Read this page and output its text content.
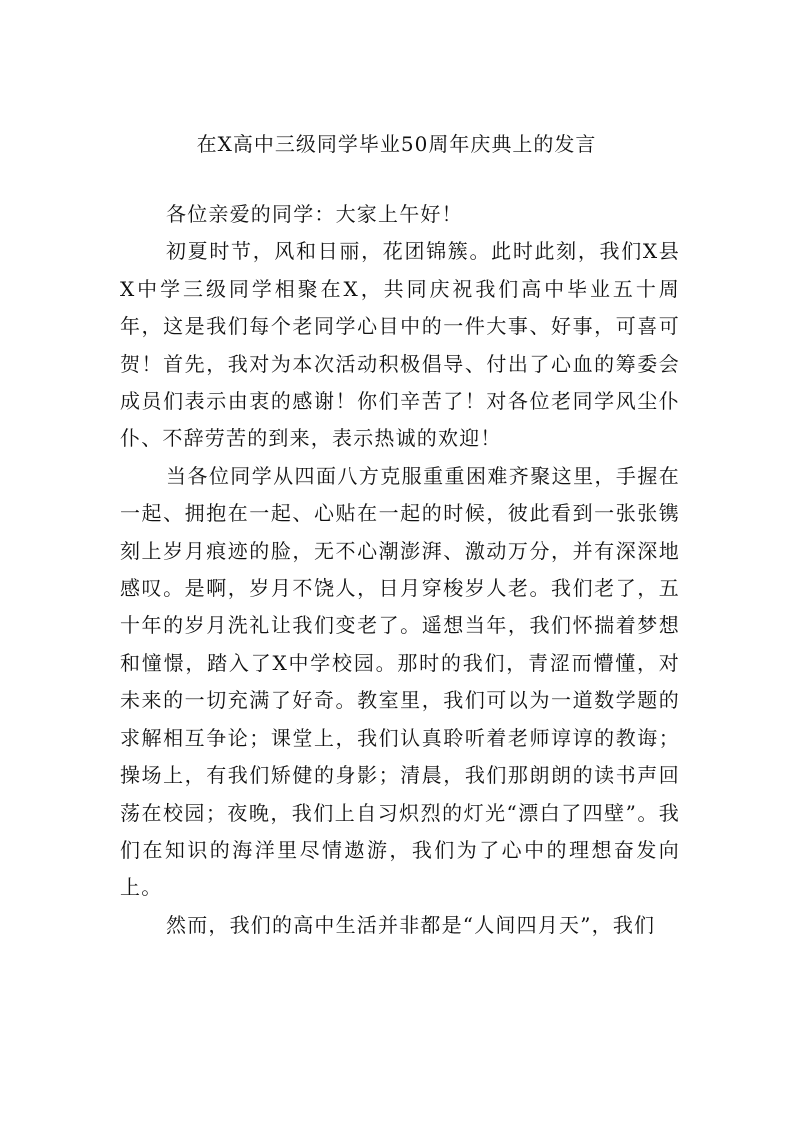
在X高中三级同学毕业50周年庆典上的发言

各位亲爱的同学：大家上午好！

初夏时节，风和日丽，花团锦簇。此时此刻，我们X县X中学三级同学相聚在X，共同庆祝我们高中毕业五十周年，这是我们每个老同学心目中的一件大事、好事，可喜可贺！首先，我对为本次活动积极倡导、付出了心血的筹委会成员们表示由衷的感谢！你们辛苦了！对各位老同学风尘仆仆、不辞劳苦的到来，表示热诚的欢迎！

当各位同学从四面八方克服重重困难齐聚这里，手握在一起、拥抱在一起、心贴在一起的时候，彼此看到一张张镌刻上岁月痕迹的脸，无不心潮澎湃、激动万分，并有深深地感叹。是啊，岁月不饶人，日月穿梭岁人老。我们老了，五十年的岁月洗礼让我们变老了。遥想当年，我们怀揣着梦想和憧憬，踏入了X中学校园。那时的我们，青涩而懵懂，对未来的一切充满了好奇。教室里，我们可以为一道数学题的求解相互争论；课堂上，我们认真聆听着老师谆谆的教诲；操场上，有我们矫健的身影；清晨，我们那朗朗的读书声回荡在校园；夜晚，我们上自习炽烈的灯光“漂白了四壁”。我们在知识的海洋里尽情遨游，我们为了心中的理想奋发向上。

然而，我们的高中生活并非都是“人间四月天”，我们
